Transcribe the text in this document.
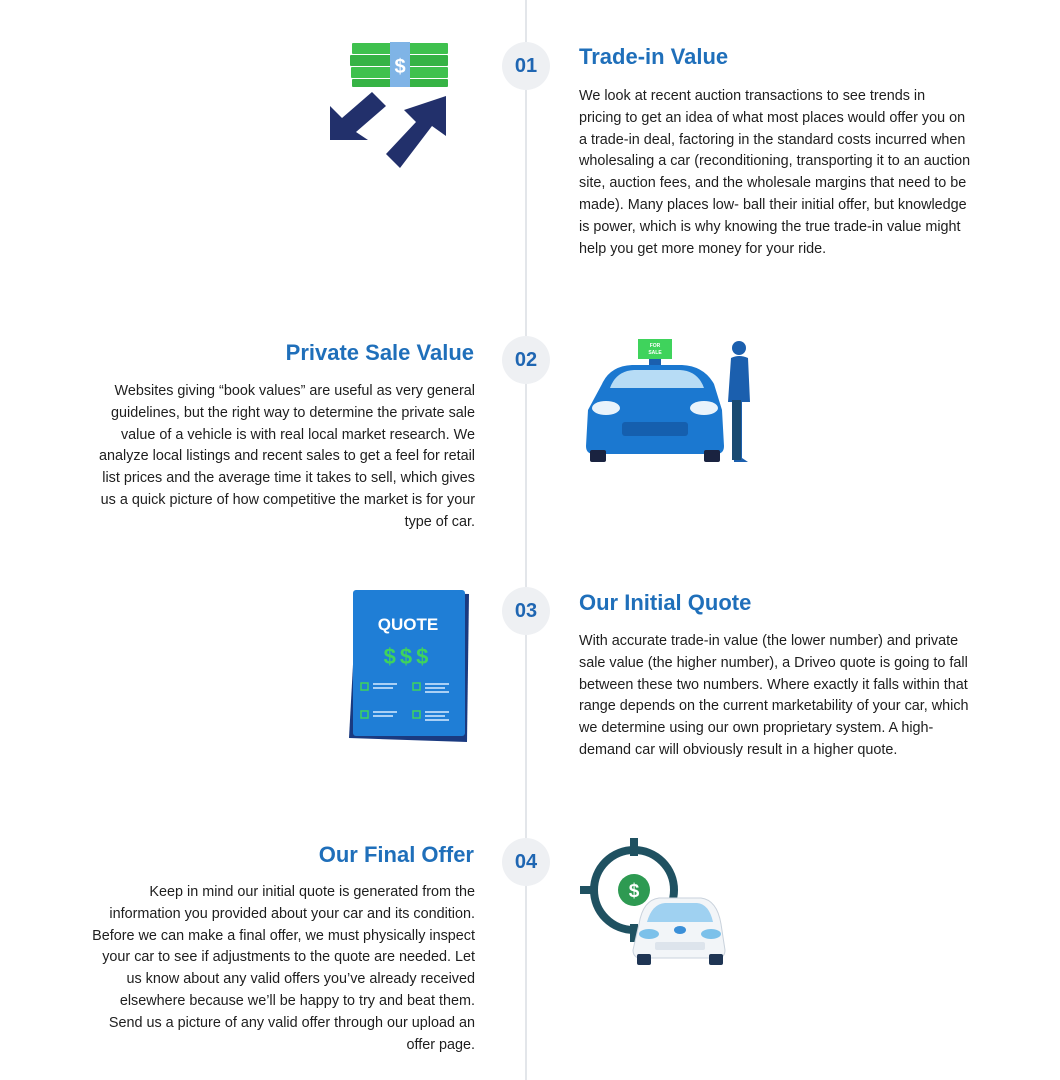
$	01	Trade-in Value

We look at recent auction transactions to see trends in pricing to get an idea of what most places would offer you on a trade-in deal, factoring in the standard costs incurred when wholesaling a car (reconditioning, transporting it to an auction site, auction fees, and the wholesale margins that need to be made). Many places low- ball their initial offer, but knowledge is power, which is why knowing the true trade-in value might help you get more money for your ride.

Private Sale Value

Websites giving “book values” are useful as very general guidelines, but the right way to determine the private sale value of a vehicle is with real local market research. We analyze local listings and recent sales to get a feel for retail list prices and the average time it takes to sell, which gives us a quick picture of how competitive the market is for your type of car.

02
FOR
SALE
QUOTE
$$$
03	Our Initial Quote

With accurate trade-in value (the lower number) and private sale value (the higher number), a Driveo quote is going to fall between these two numbers. Where exactly it falls within that range depends on the current marketability of your car, which we determine using our own proprietary system. A high-demand car will obviously result in a higher quote.

Our Final Offer

Keep in mind our initial quote is generated from the information you provided about your car and its condition. Before we can make a final offer, we must physically inspect your car to see if adjustments to the quote are needed. Let us know about any valid offers you’ve already received elsewhere because we’ll be happy to try and beat them. Send us a picture of any valid offer through our upload an offer page.

04
$
